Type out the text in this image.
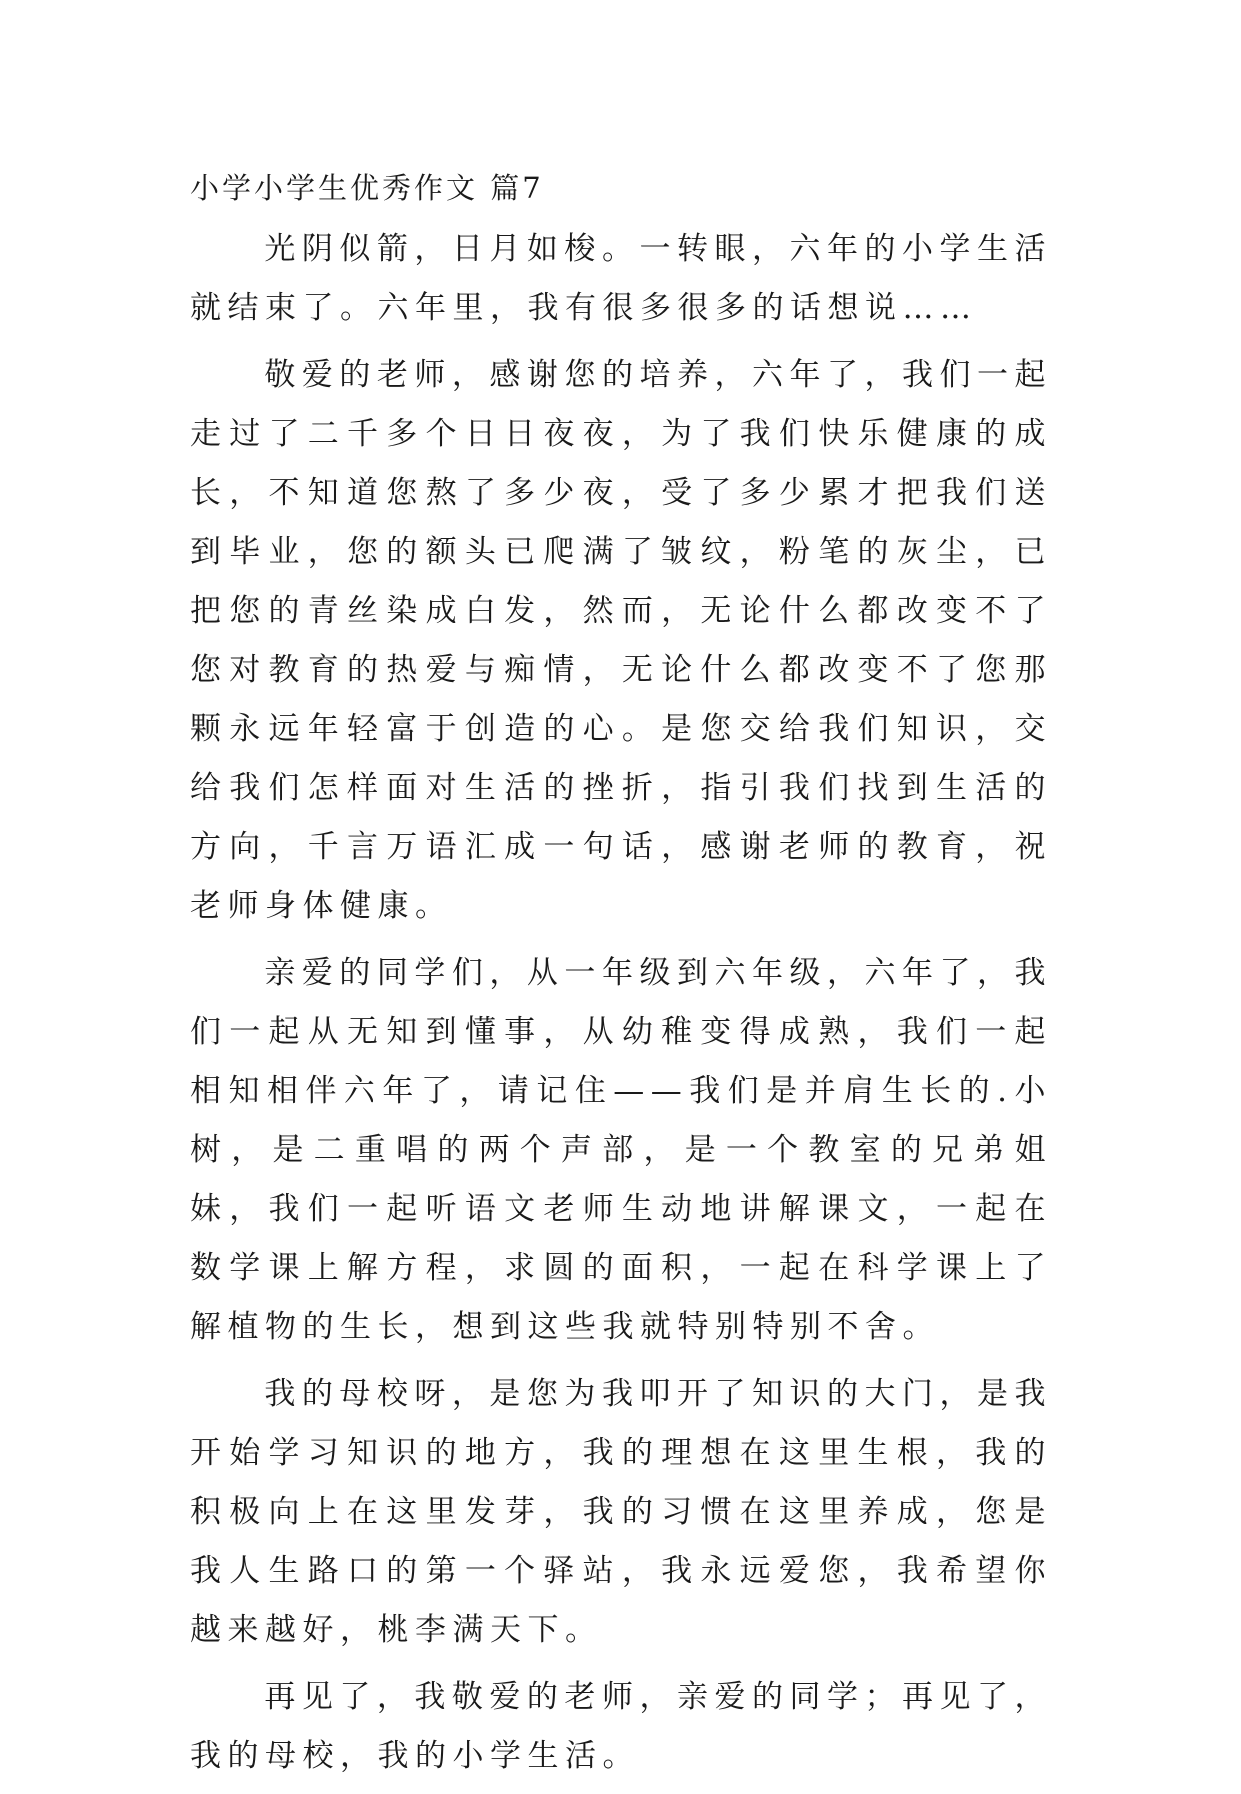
小学小学生优秀作文 篇7

光阴似箭，日月如梭。一转眼，六年的小学生活就结束了。六年里，我有很多很多的话想说……

敬爱的老师，感谢您的培养，六年了，我们一起走过了二千多个日日夜夜，为了我们快乐健康的成长，不知道您熬了多少夜，受了多少累才把我们送到毕业，您的额头已爬满了皱纹，粉笔的灰尘，已把您的青丝染成白发，然而，无论什么都改变不了您对教育的热爱与痴情，无论什么都改变不了您那颗永远年轻富于创造的心。是您交给我们知识，交给我们怎样面对生活的挫折，指引我们找到生活的方向，千言万语汇成一句话，感谢老师的教育，祝老师身体健康。

亲爱的同学们，从一年级到六年级，六年了，我们一起从无知到懂事，从幼稚变得成熟，我们一起相知相伴六年了，请记住——我们是并肩生长的.小树，是二重唱的两个声部，是一个教室的兄弟姐妹，我们一起听语文老师生动地讲解课文，一起在数学课上解方程，求圆的面积，一起在科学课上了解植物的生长，想到这些我就特别特别不舍。

我的母校呀，是您为我叩开了知识的大门，是我开始学习知识的地方，我的理想在这里生根，我的积极向上在这里发芽，我的习惯在这里养成，您是我人生路口的第一个驿站，我永远爱您，我希望你越来越好，桃李满天下。

再见了，我敬爱的老师，亲爱的同学；再见了，我的母校，我的小学生活。
